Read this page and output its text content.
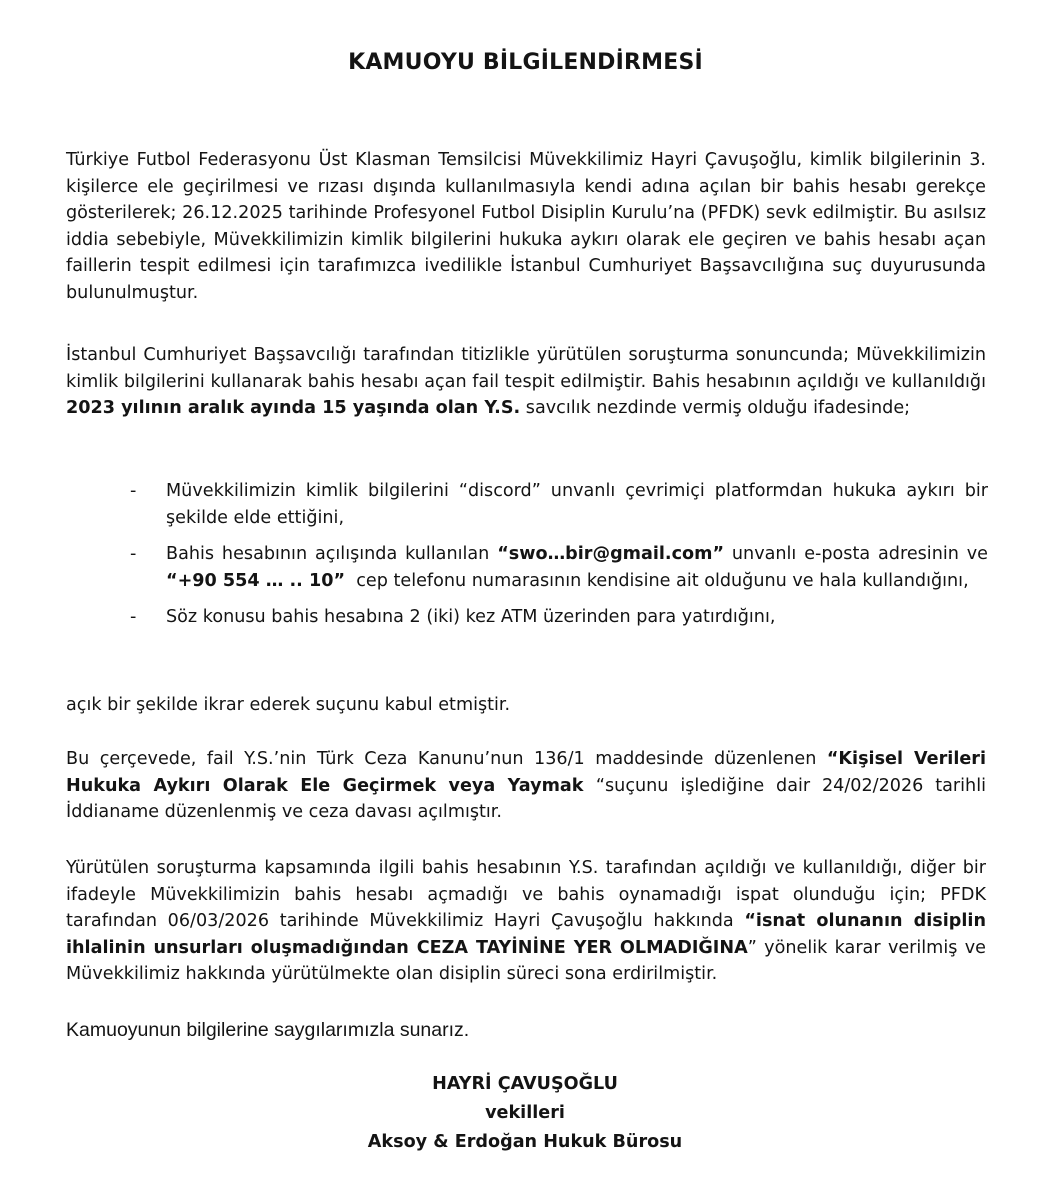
KAMUOYU BİLGİLENDİRMESİ

Türkiye Futbol Federasyonu Üst Klasman Temsilcisi Müvekkilimiz Hayri Çavuşoğlu, kimlik bilgilerinin 3. kişilerce ele geçirilmesi ve rızası dışında kullanılmasıyla kendi adına açılan bir bahis hesabı gerekçe gösterilerek; 26.12.2025 tarihinde Profesyonel Futbol Disiplin Kurulu’na (PFDK) sevk edilmiştir. Bu asılsız iddia sebebiyle, Müvekkilimizin kimlik bilgilerini hukuka aykırı olarak ele geçiren ve bahis hesabı açan faillerin tespit edilmesi için tarafımızca ivedilikle İstanbul Cumhuriyet Başsavcılığına suç duyurusunda bulunulmuştur.

İstanbul Cumhuriyet Başsavcılığı tarafından titizlikle yürütülen soruşturma sonuncunda; Müvekkilimizin kimlik bilgilerini kullanarak bahis hesabı açan fail tespit edilmiştir. Bahis hesabının açıldığı ve kullanıldığı 2023 yılının aralık ayında 15 yaşında olan Y.S. savcılık nezdinde vermiş olduğu ifadesinde;

- Müvekkilimizin kimlik bilgilerini “discord” unvanlı çevrimiçi platformdan hukuka aykırı bir şekilde elde ettiğini,
- Bahis hesabının açılışında kullanılan “swo…bir@gmail.com” unvanlı e-posta adresinin ve “+90 554 … .. 10”  cep telefonu numarasının kendisine ait olduğunu ve hala kullandığını,
- Söz konusu bahis hesabına 2 (iki) kez ATM üzerinden para yatırdığını,

açık bir şekilde ikrar ederek suçunu kabul etmiştir.

Bu çerçevede, fail Y.S.’nin Türk Ceza Kanunu’nun 136/1 maddesinde düzenlenen “Kişisel Verileri Hukuka Aykırı Olarak Ele Geçirmek veya Yaymak “suçunu işlediğine dair 24/02/2026 tarihli İddianame düzenlenmiş ve ceza davası açılmıştır.

Yürütülen soruşturma kapsamında ilgili bahis hesabının Y.S. tarafından açıldığı ve kullanıldığı, diğer bir ifadeyle Müvekkilimizin bahis hesabı açmadığı ve bahis oynamadığı ispat olunduğu için; PFDK tarafından 06/03/2026 tarihinde Müvekkilimiz Hayri Çavuşoğlu hakkında “isnat olunanın disiplin ihlalinin unsurları oluşmadığından CEZA TAYİNİNE YER OLMADIĞINA” yönelik karar verilmiş ve Müvekkilimiz hakkında yürütülmekte olan disiplin süreci sona erdirilmiştir.

Kamuoyunun bilgilerine saygılarımızla sunarız.

HAYRİ ÇAVUŞOĞLU
vekilleri
Aksoy & Erdoğan Hukuk Bürosu
